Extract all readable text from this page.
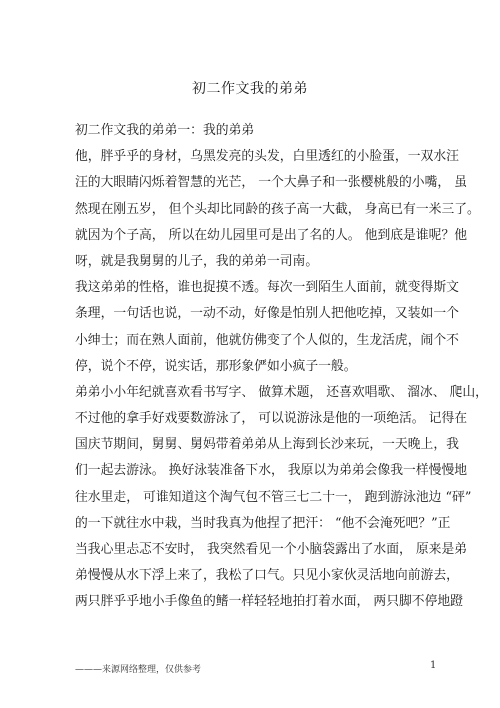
初二作文我的弟弟
初二作文我的弟弟一：我的弟弟
他，胖乎乎的身材，乌黑发亮的头发，白里透红的小脸蛋，一双水汪
汪的大眼睛闪烁着智慧的光芒， 一个大鼻子和一张樱桃般的小嘴， 虽
然现在刚五岁， 但个头却比同龄的孩子高一大截， 身高已有一米三了。
就因为个子高， 所以在幼儿园里可是出了名的人。 他到底是谁呢？他
呀，就是我舅舅的儿子，我的弟弟一司南。
我这弟弟的性格，谁也捉摸不透。每次一到陌生人面前，就变得斯文
条理，一句话也说，一动不动，好像是怕别人把他吃掉，又装如一个
小绅士；而在熟人面前，他就仿佛变了个人似的，生龙活虎，闹个不
停，说个不停，说实话，那形象俨如小疯子一般。
弟弟小小年纪就喜欢看书写字、 做算术题， 还喜欢唱歌、 溜冰、 爬山，
不过他的拿手好戏要数游泳了， 可以说游泳是他的一项绝活。 记得在
国庆节期间，舅舅、舅妈带着弟弟从上海到长沙来玩，一天晚上，我
们一起去游泳。 换好泳装准备下水， 我原以为弟弟会像我一样慢慢地
往水里走， 可谁知道这个淘气包不管三七二十一， 跑到游泳池边 “砰”
的一下就往水中栽，当时我真为他捏了把汗： “他不会淹死吧？”正
当我心里忐忑不安时， 我突然看见一个小脑袋露出了水面， 原来是弟
弟慢慢从水下浮上来了，我松了口气。只见小家伙灵活地向前游去，
两只胖乎乎地小手像鱼的鳍一样轻轻地拍打着水面， 两只脚不停地蹬
———来源网络整理，仅供参考	1
